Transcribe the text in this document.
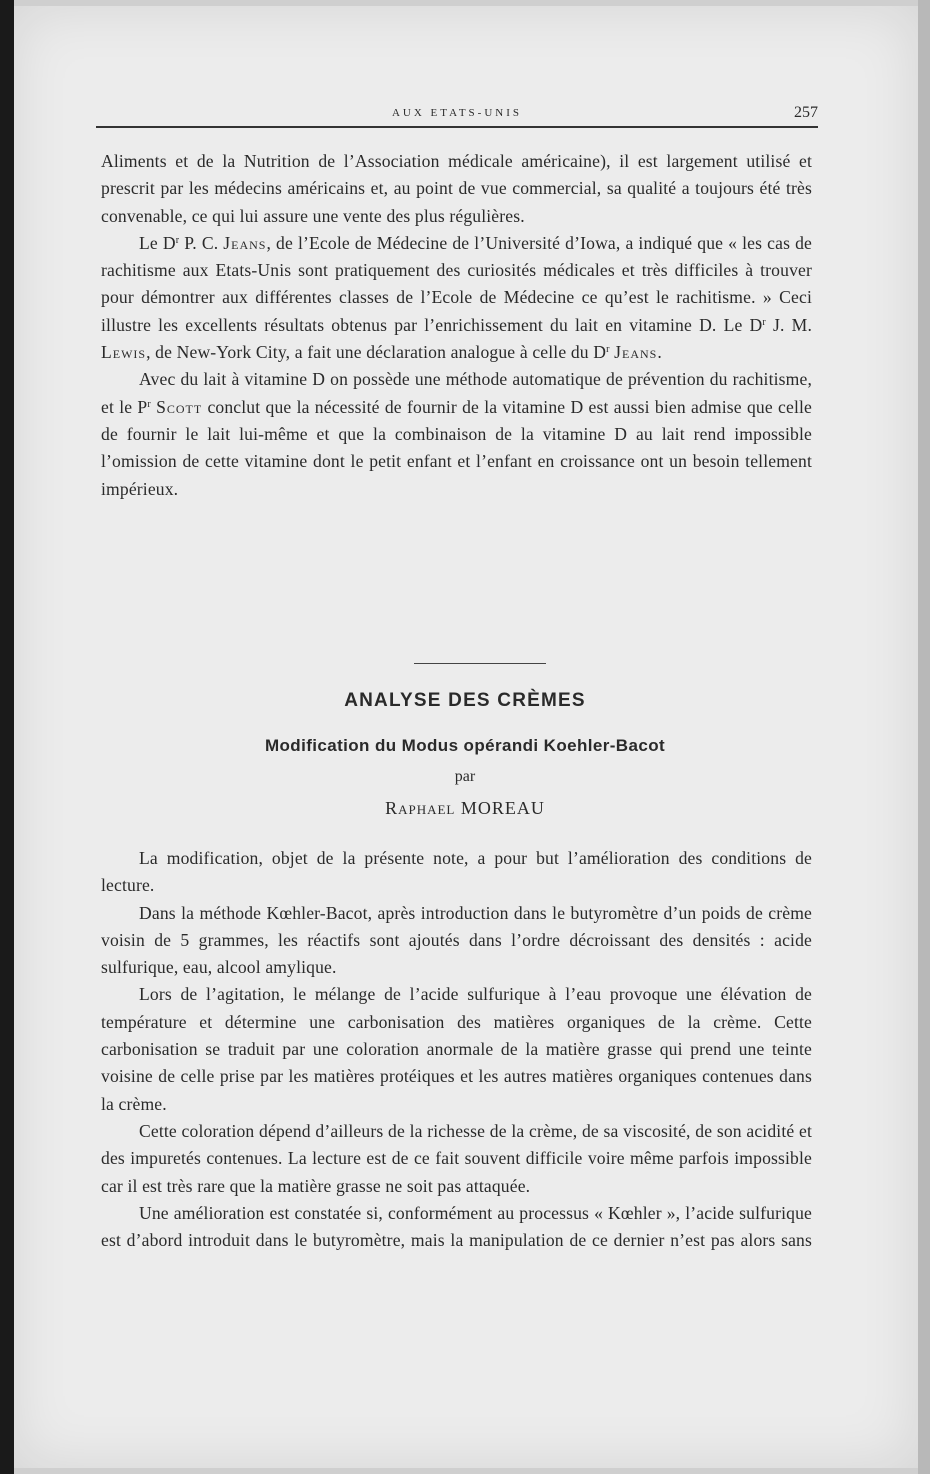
AUX ETATS-UNIS	257

Aliments et de la Nutrition de l’Association médicale américaine), il est largement utilisé et prescrit par les médecins américains et, au point de vue commercial, sa qualité a toujours été très convenable, ce qui lui assure une vente des plus régulières.

Le $D^r$ P. C. Jeans, de l’Ecole de Médecine de l’Université d’Iowa, a indiqué que « les cas de rachitisme aux Etats-Unis sont pratiquement des curiosités médicales et très difficiles à trouver pour démontrer aux différentes classes de l’Ecole de Médecine ce qu’est le rachitisme. » Ceci illustre les excellents résultats obtenus par l’enrichissement du lait en vitamine D. Le $D^r$ J. M. Lewis, de New-York City, a fait une déclaration analogue à celle du $D^r$ Jeans.

Avec du lait à vitamine D on possède une méthode automatique de prévention du rachitisme, et le $P^r$ Scott conclut que la nécessité de fournir de la vitamine D est aussi bien admise que celle de fournir le lait lui-même et que la combinaison de la vitamine D au lait rend impossible l’omission de cette vitamine dont le petit enfant et l’enfant en croissance ont un besoin tellement impérieux.

ANALYSE DES CRÈMES
Modification du Modus opérandi Koehler-Bacot
par
Raphael MOREAU

La modification, objet de la présente note, a pour but l’amélioration des conditions de lecture.

Dans la méthode Kœhler-Bacot, après introduction dans le butyromètre d’un poids de crème voisin de 5 grammes, les réactifs sont ajoutés dans l’ordre décroissant des densités : acide sulfurique, eau, alcool amylique.

Lors de l’agitation, le mélange de l’acide sulfurique à l’eau provoque une élévation de température et détermine une carbonisation des matières organiques de la crème. Cette carbonisation se traduit par une coloration anormale de la matière grasse qui prend une teinte voisine de celle prise par les matières protéiques et les autres matières organiques contenues dans la crème.

Cette coloration dépend d’ailleurs de la richesse de la crème, de sa viscosité, de son acidité et des impuretés contenues. La lecture est de ce fait souvent difficile voire même parfois impossible car il est très rare que la matière grasse ne soit pas attaquée.

Une amélioration est constatée si, conformément au processus « Kœhler », l’acide sulfurique est d’abord introduit dans le butyromètre, mais la manipulation de ce dernier n’est pas alors sans
